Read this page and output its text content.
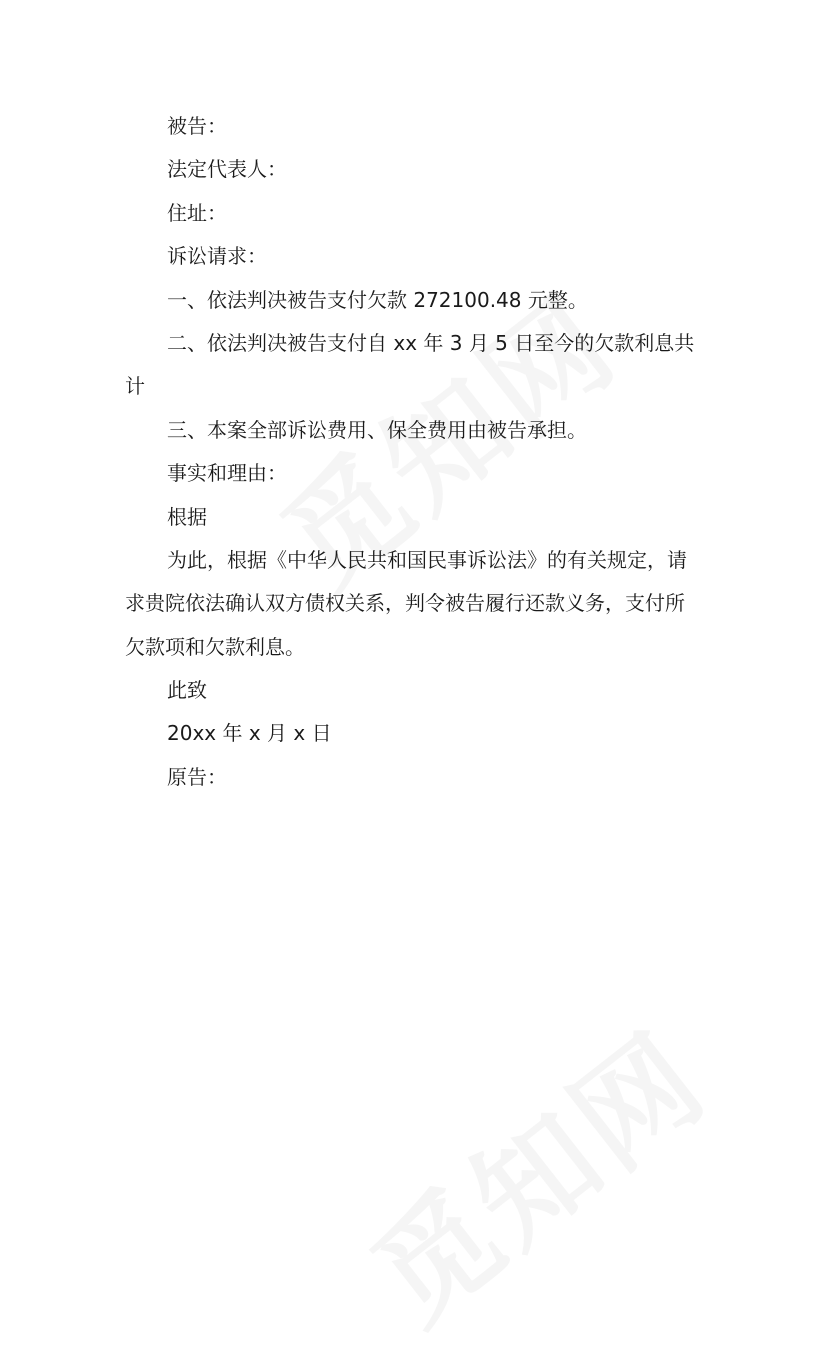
被告：

法定代表人：

住址：

诉讼请求：

一、依法判决被告支付欠款 272100.48 元整。

二、依法判决被告支付自 xx 年 3 月 5 日至今的欠款利息共

计

三、本案全部诉讼费用、保全费用由被告承担。

事实和理由：

根据

为此，根据《中华人民共和国民事诉讼法》的有关规定，请

求贵院依法确认双方债权关系，判令被告履行还款义务，支付所

欠款项和欠款利息。

此致

20xx 年 x 月 x 日

原告：
